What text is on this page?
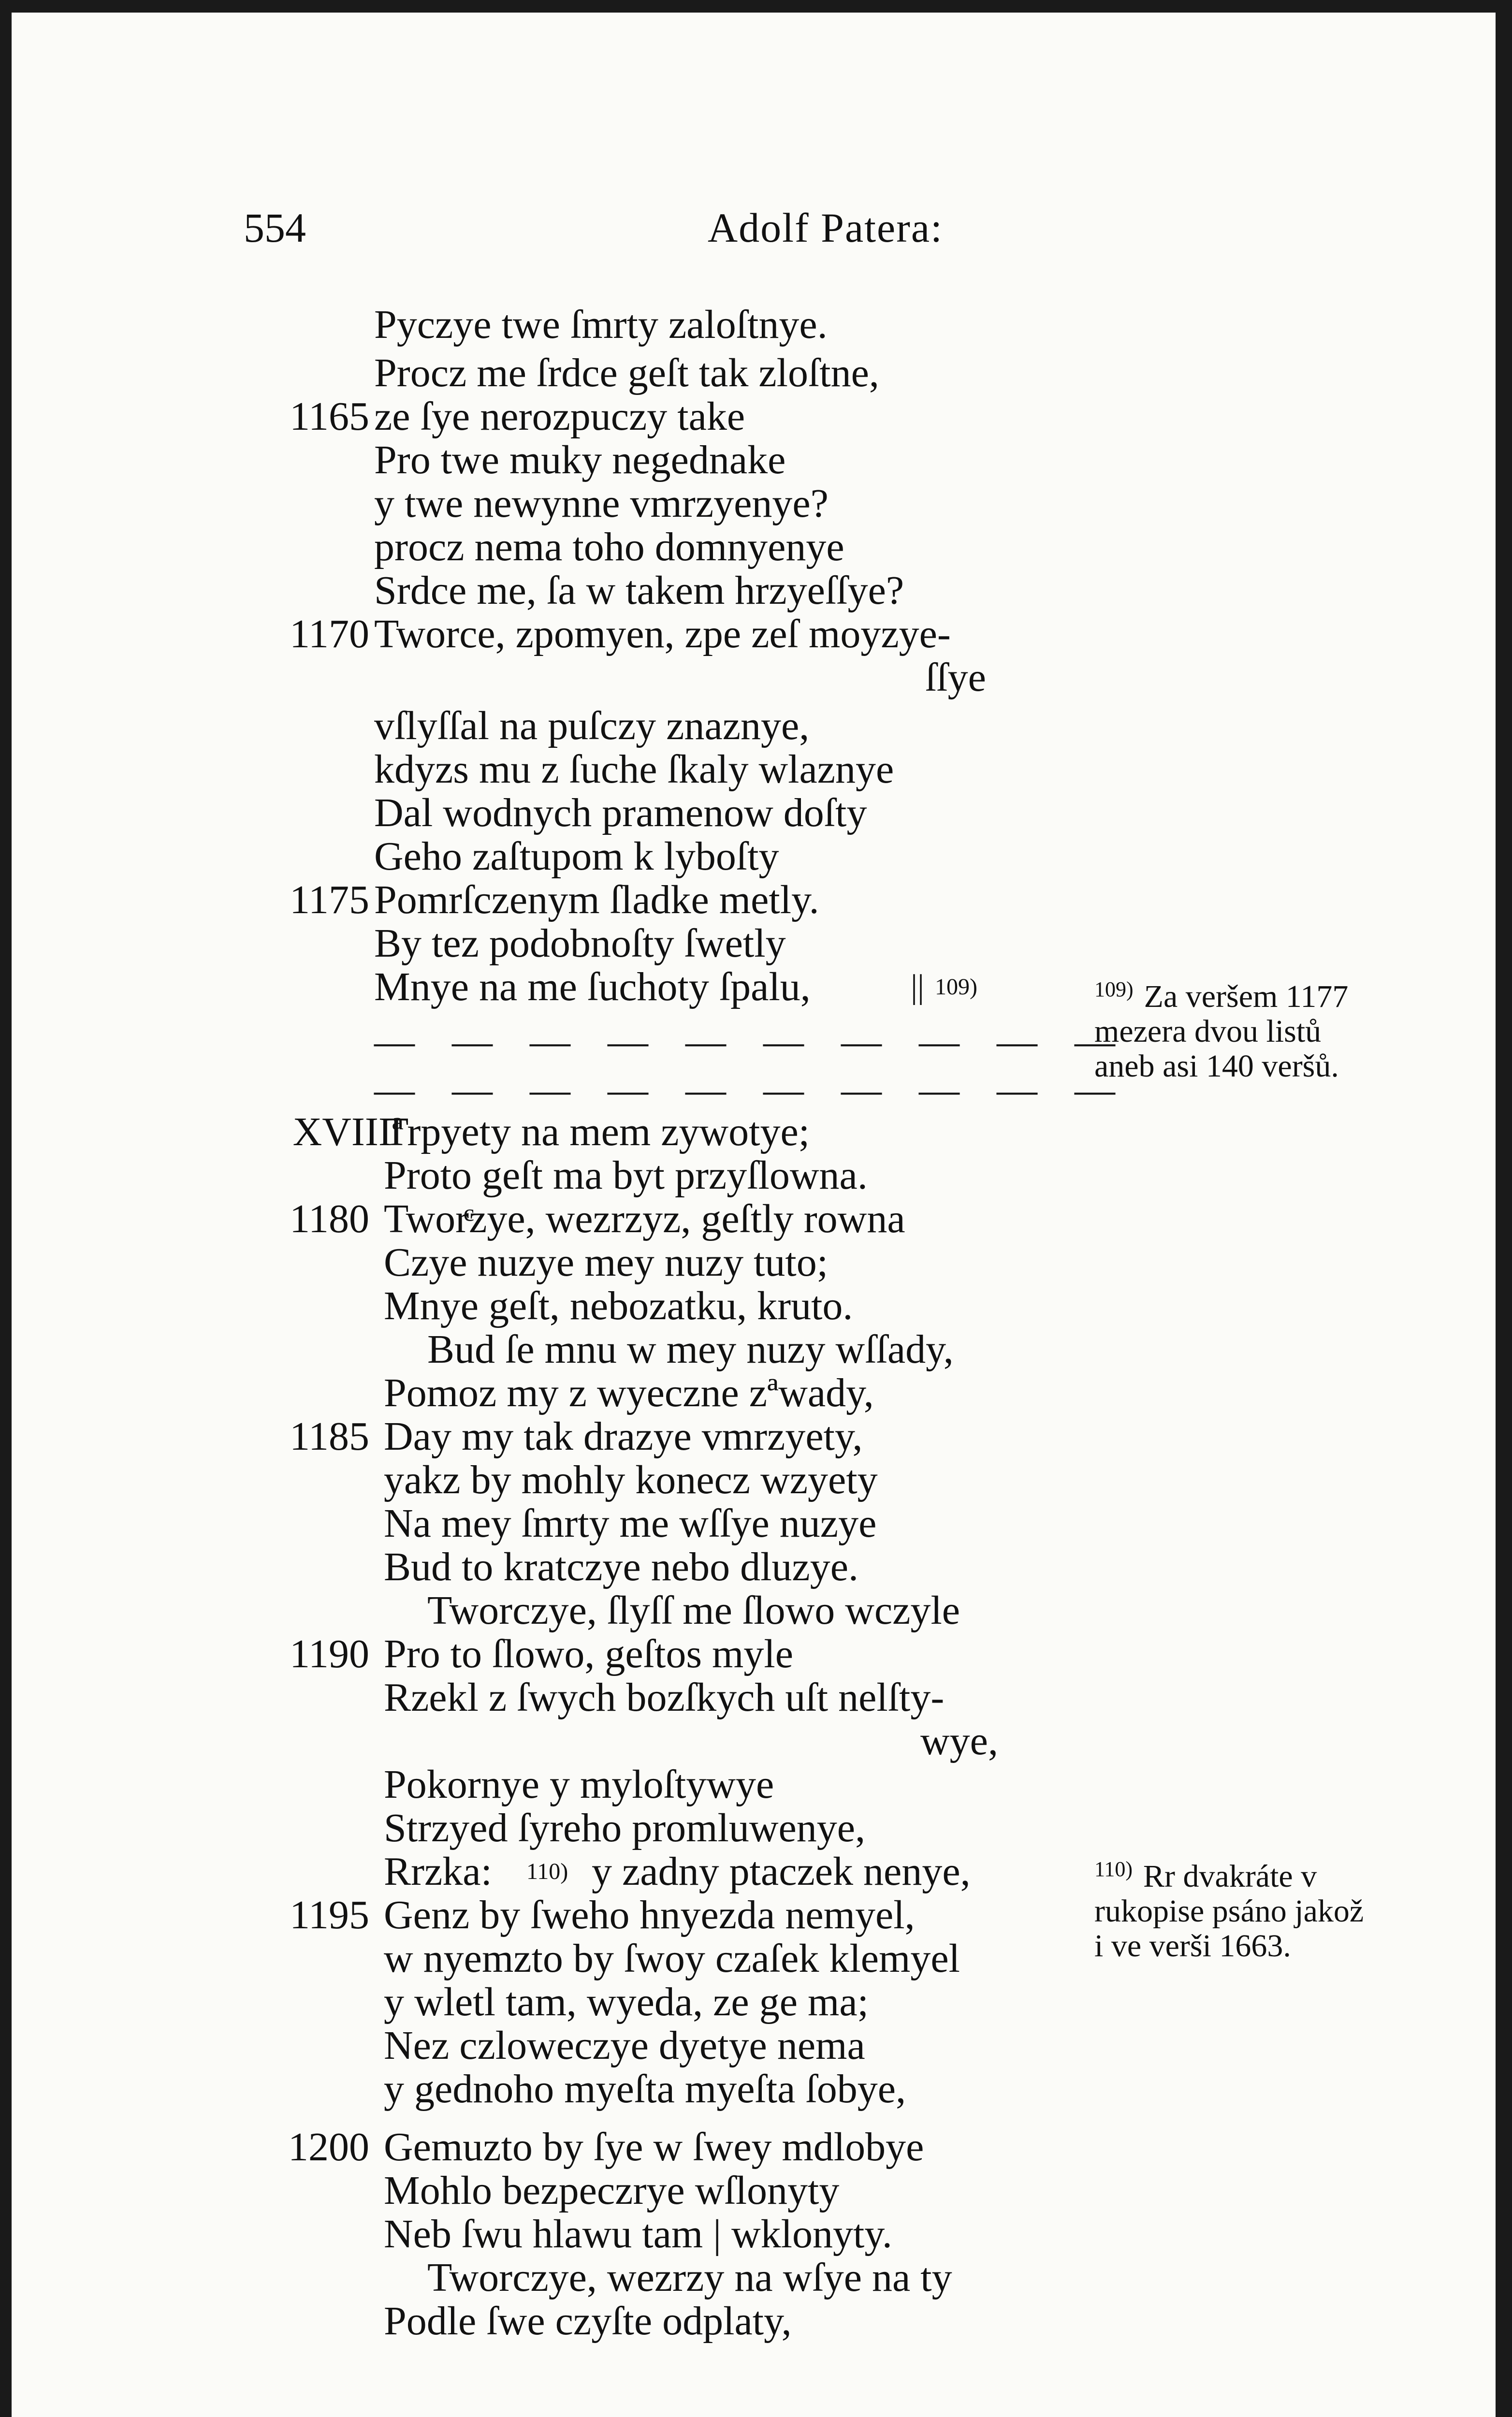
554	Adolf Patera:
Pyczye twe ſmrty zaloſtnye.
Procz me ſrdce geſt tak zloſtne,
1165 ze ſye nerozpuczy take
Pro twe muky negednake
y twe newynne vmrzyenye?
procz nema toho domnyenye
Srdce me, ſa w takem hrzyeſſye?
1170 Tworce, zpomyen, zpe zeſ moyzye-
ſſye
vſlyſſal na puſczy znaznye,
kdyzs mu z ſuche ſkaly wlaznye
Dal wodnych pramenow doſty
Geho zaſtupom k lyboſty
1175 Pomrſczenym ſladke metly.
By tez podobnoſty ſwetly
Mnye na me ſuchoty ſpalu,	|| $^{109)}$
— — — — — — — — — —
— — — — — — — — — —
XVIIIª
Trpyety na mem zywotye;
Proto geſt ma byt przyſlowna.
1180 Tworͨzye, wezrzyz, geſtly rowna
Czye nuzye mey nuzy tuto;
Mnye geſt, nebozatku, kruto.
Bud ſe mnu w mey nuzy wſſady,
Pomoz my z wyeczne zªwady,
1185 Day my tak drazye vmrzyety,
yakz by mohly konecz wzyety
Na mey ſmrty me wſſye nuzye
Bud to kratczye nebo dluzye.
Tworczye, ſlyſſ me ſlowo wczyle
1190 Pro to ſlowo, geſtos myle
Rzekl z ſwych bozſkych uſt nelſty-
wye,
Pokornye y myloſtywye
Strzyed ſyreho promluwenye,
Rrzka: $^{110)}$ y zadny ptaczek nenye,
1195 Genz by ſweho hnyezda nemyel,
w nyemzto by ſwoy czaſek klemyel
y wletl tam, wyeda, ze ge ma;
Nez czloweczye dyetye nema
y gednoho myeſta myeſta ſobye,
1200 Gemuzto by ſye w ſwey mdlobye
Mohlo bezpeczrye wſlonyty
Neb ſwu hlawu tam | wklonyty.
Tworczye, wezrzy na wſye na ty
Podle ſwe czyſte odplaty,
$^{109)}$ Za veršem 1177 mezera dvou listů aneb asi 140 veršů.
$^{110)}$ Rr dvakráte v rukopise psáno jakož i ve verši 1663.
